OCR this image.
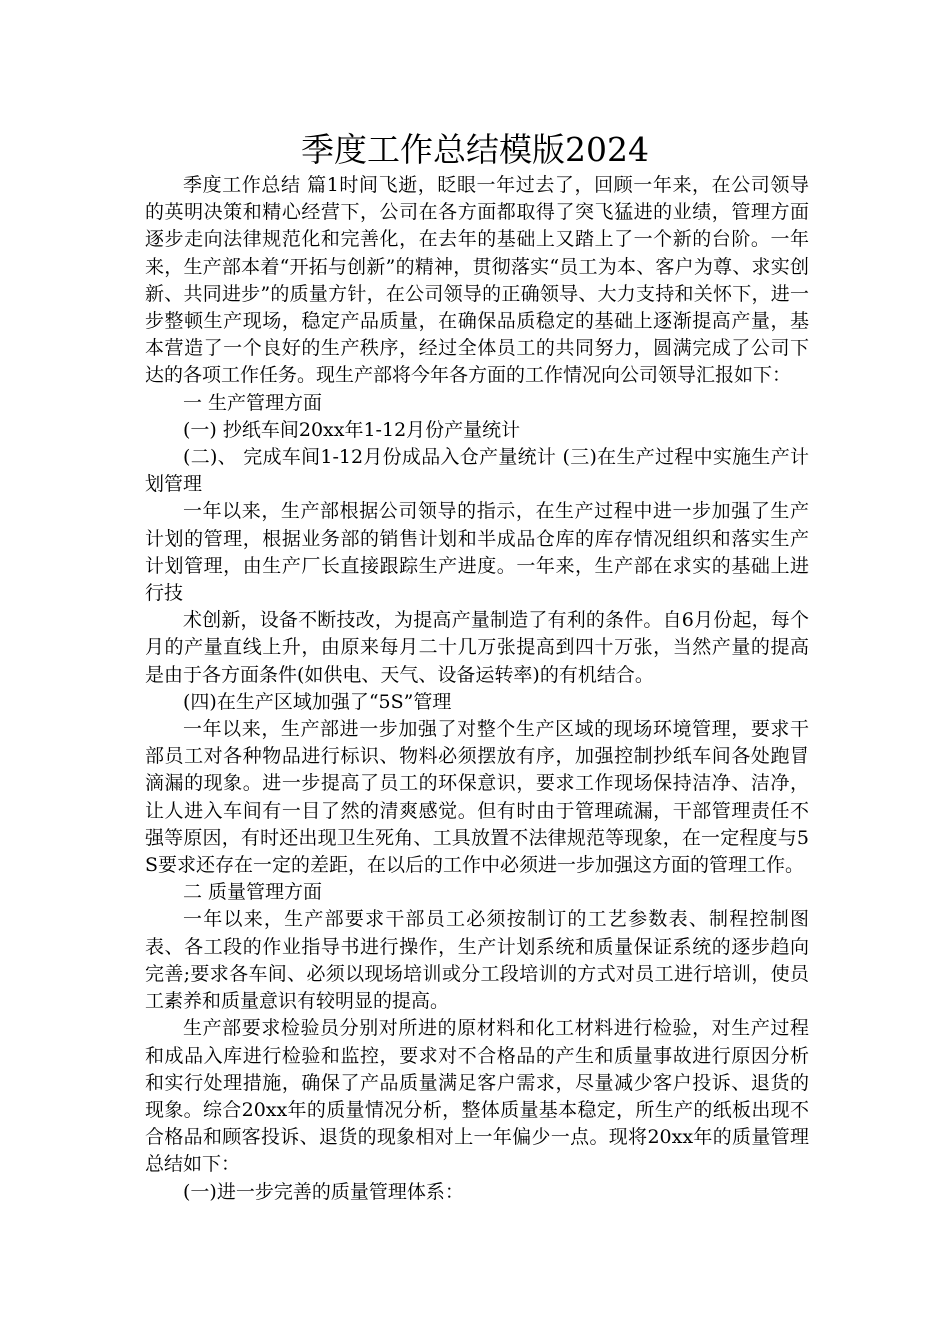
季度工作总结模版2024

季度工作总结 篇1时间飞逝，眨眼一年过去了，回顾一年来，在公司领导的英明决策和精心经营下，公司在各方面都取得了突飞猛进的业绩，管理方面逐步走向法律规范化和完善化，在去年的基础上又踏上了一个新的台阶。一年来，生产部本着“开拓与创新”的精神，贯彻落实“员工为本、客户为尊、求实创新、共同进步”的质量方针，在公司领导的正确领导、大力支持和关怀下，进一步整顿生产现场，稳定产品质量，在确保品质稳定的基础上逐渐提高产量，基本营造了一个良好的生产秩序，经过全体员工的共同努力，圆满完成了公司下达的各项工作任务。现生产部将今年各方面的工作情况向公司领导汇报如下：

一 生产管理方面

(一) 抄纸车间20xx年1-12月份产量统计

(二)、 完成车间1-12月份成品入仓产量统计 (三)在生产过程中实施生产计划管理

一年以来，生产部根据公司领导的指示，在生产过程中进一步加强了生产计划的管理，根据业务部的销售计划和半成品仓库的库存情况组织和落实生产计划管理，由生产厂长直接跟踪生产进度。一年来，生产部在求实的基础上进行技

术创新，设备不断技改，为提高产量制造了有利的条件。自6月份起，每个月的产量直线上升，由原来每月二十几万张提高到四十万张，当然产量的提高是由于各方面条件(如供电、天气、设备运转率)的有机结合。

(四)在生产区域加强了“5S”管理

一年以来，生产部进一步加强了对整个生产区域的现场环境管理，要求干部员工对各种物品进行标识、物料必须摆放有序，加强控制抄纸车间各处跑冒滴漏的现象。进一步提高了员工的环保意识，要求工作现场保持洁净、洁净，让人进入车间有一目了然的清爽感觉。但有时由于管理疏漏，干部管理责任不强等原因，有时还出现卫生死角、工具放置不法律规范等现象，在一定程度与5S要求还存在一定的差距，在以后的工作中必须进一步加强这方面的管理工作。

二 质量管理方面

一年以来，生产部要求干部员工必须按制订的工艺参数表、制程控制图表、各工段的作业指导书进行操作，生产计划系统和质量保证系统的逐步趋向完善;要求各车间、必须以现场培训或分工段培训的方式对员工进行培训，使员工素养和质量意识有较明显的提高。

生产部要求检验员分别对所进的原材料和化工材料进行检验，对生产过程和成品入库进行检验和监控，要求对不合格品的产生和质量事故进行原因分析和实行处理措施，确保了产品质量满足客户需求，尽量减少客户投诉、退货的现象。综合20xx年的质量情况分析，整体质量基本稳定，所生产的纸板出现不合格品和顾客投诉、退货的现象相对上一年偏少一点。现将20xx年的质量管理总结如下：

(一)进一步完善的质量管理体系：
